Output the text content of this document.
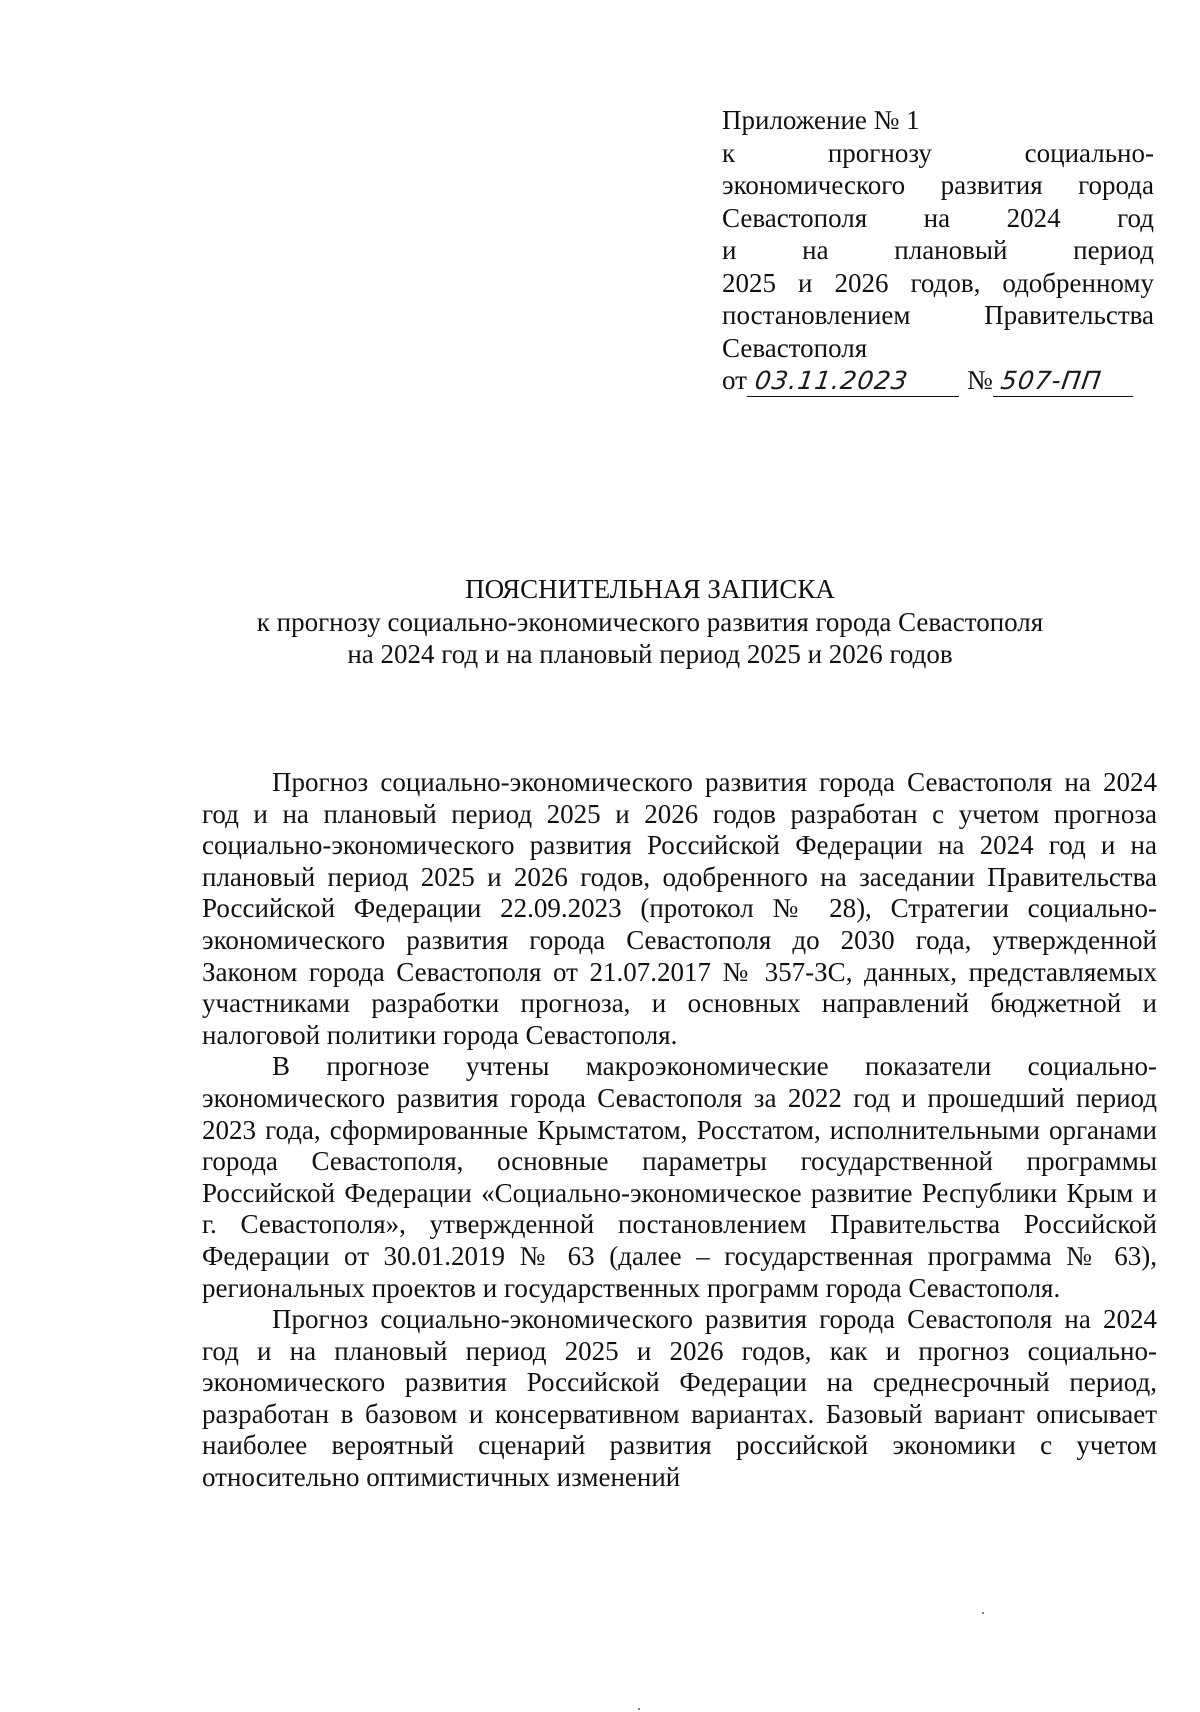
Приложение № 1
к прогнозу социально-
экономического развития города
Севастополя на 2024 год
и на плановый период
2025 и 2026 годов, одобренному
постановлением Правительства
Севастополя
от 03.11.2023 № 507-ПП
ПОЯСНИТЕЛЬНАЯ ЗАПИСКА
к прогнозу социально-экономического развития города Севастополя
на 2024 год и на плановый период 2025 и 2026 годов

Прогноз социально-экономического развития города Севастополя на 2024 год и на плановый период 2025 и 2026 годов разработан с учетом прогноза социально-экономического развития Российской Федерации на 2024 год и на плановый период 2025 и 2026 годов, одобренного на заседании Правительства Российской Федерации 22.09.2023 (протокол № 28), Стратегии социально-экономического развития города Севастополя до 2030 года, утвержденной Законом города Севастополя от 21.07.2017 № 357-ЗС, данных, представляемых участниками разработки прогноза, и основных направлений бюджетной и налоговой политики города Севастополя.

В прогнозе учтены макроэкономические показатели социально-экономического развития города Севастополя за 2022 год и прошедший период 2023 года, сформированные Крымстатом, Росстатом, исполнительными органами города Севастополя, основные параметры государственной программы Российской Федерации «Социально-экономическое развитие Республики Крым и г. Севастополя», утвержденной постановлением Правительства Российской Федерации от 30.01.2019 № 63 (далее – государственная программа № 63), региональных проектов и государственных программ города Севастополя.

Прогноз социально-экономического развития города Севастополя на 2024 год и на плановый период 2025 и 2026 годов, как и прогноз социально-экономического развития Российской Федерации на среднесрочный период, разработан в базовом и консервативном вариантах. Базовый вариант описывает наиболее вероятный сценарий развития российской экономики с учетом относительно оптимистичных изменений
